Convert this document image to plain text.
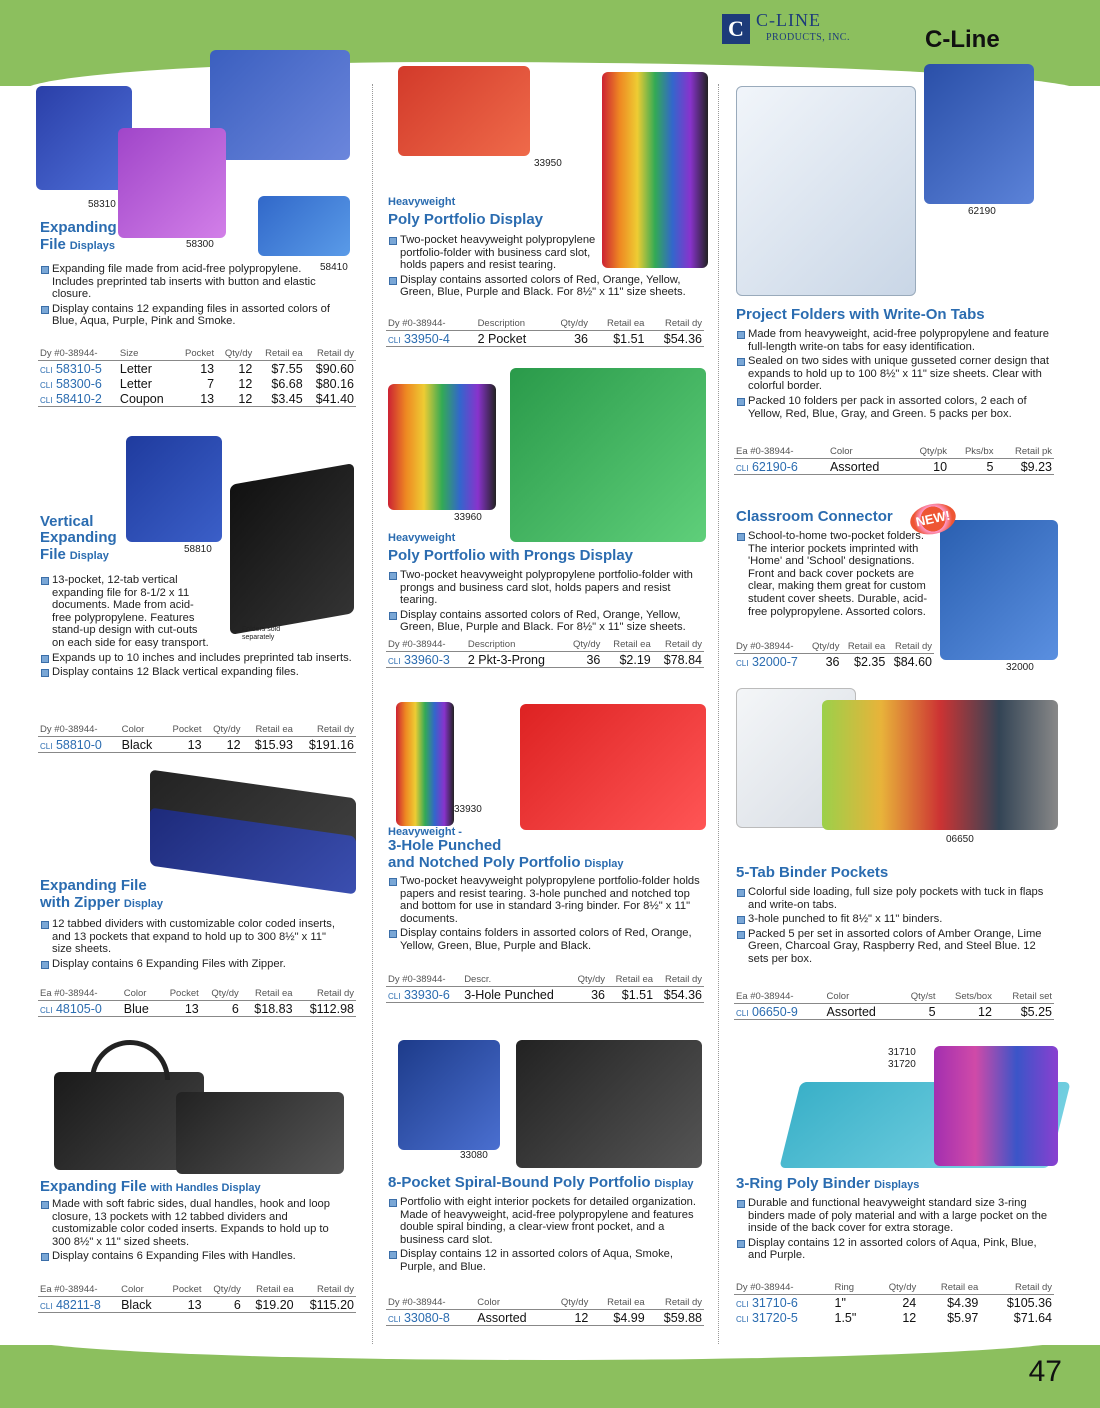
C C-LINE
PRODUCTS, INC.	C-Line
58310
58300
58410
Expanding
File Displays
Expanding file made from acid-free polypropylene. Includes preprinted tab inserts with button and elastic closure.
Display contains 12 expanding files in assorted colors of Blue, Aqua, Purple, Pink and Smoke.
Dy #0-38944-	Size	Pocket	Qty/dy	Retail ea	Retail dy
CLI 58310-5	Letter	13	12	$7.55	$90.60
CLI 58300-6	Letter	7	12	$6.68	$80.16
CLI 58410-2	Coupon	13	12	$3.45	$41.40
58810
Folders sold separately
Vertical
Expanding
File Display
13-pocket, 12-tab vertical expanding file for 8-1/2 x 11 documents. Made from acid-free polypropylene. Features stand-up design with cut-outs on each side for easy transport.
Expands up to 10 inches and includes preprinted tab inserts.
Display contains 12 Black vertical expanding files.
Dy #0-38944-	Color	Pocket	Qty/dy	Retail ea	Retail dy
CLI 58810-0	Black	13	12	$15.93	$191.16
Expanding File
with Zipper Display
12 tabbed dividers with customizable color coded inserts, and 13 pockets that expand to hold up to 300 8½" x 11" size sheets.
Display contains 6 Expanding Files with Zipper.
Ea #0-38944-	Color	Pocket	Qty/dy	Retail ea	Retail dy
CLI 48105-0	Blue	13	6	$18.83	$112.98
Expanding File with Handles Display
Made with soft fabric sides, dual handles, hook and loop closure, 13 pockets with 12 tabbed dividers and customizable color coded inserts. Expands to hold up to 300 8½" x 11" sized sheets.
Display contains 6 Expanding Files with Handles.
Ea #0-38944-	Color	Pocket	Qty/dy	Retail ea	Retail dy
CLI 48211-8	Black	13	6	$19.20	$115.20
33950
Heavyweight
Poly Portfolio Display
Two-pocket heavyweight polypropylene portfolio-folder with business card slot, holds papers and resist tearing.
Display contains assorted colors of Red, Orange, Yellow, Green, Blue, Purple and Black. For 8½" x 11" size sheets.
Dy #0-38944-	Description	Qty/dy	Retail ea	Retail dy
CLI 33950-4	2 Pocket	36	$1.51	$54.36
33960
Heavyweight
Poly Portfolio with Prongs Display
Two-pocket heavyweight polypropylene portfolio-folder with prongs and business card slot, holds papers and resist tearing.
Display contains assorted colors of Red, Orange, Yellow, Green, Blue, Purple and Black. For 8½" x 11" size sheets.
Dy #0-38944-	Description	Qty/dy	Retail ea	Retail dy
CLI 33960-3	2 Pkt-3-Prong	36	$2.19	$78.84
33930
Heavyweight -
3-Hole Punched
and Notched Poly Portfolio Display
Two-pocket heavyweight polypropylene portfolio-folder holds papers and resist tearing. 3-hole punched and notched top and bottom for use in standard 3-ring binder. For 8½" x 11" documents.
Display contains folders in assorted colors of Red, Orange, Yellow, Green, Blue, Purple and Black.
Dy #0-38944-	Descr.	Qty/dy	Retail ea	Retail dy
CLI 33930-6	3-Hole Punched	36	$1.51	$54.36
33080
8-Pocket Spiral-Bound Poly Portfolio Display
Portfolio with eight interior pockets for detailed organization. Made of heavyweight, acid-free polypropylene and features double spiral binding, a clear-view front pocket, and a business card slot.
Display contains 12 in assorted colors of Aqua, Smoke, Purple, and Blue.
Dy #0-38944-	Color	Qty/dy	Retail ea	Retail dy
CLI 33080-8	Assorted	12	$4.99	$59.88
62190
Project Folders with Write-On Tabs
Made from heavyweight, acid-free polypropylene and feature full-length write-on tabs for easy identification.
Sealed on two sides with unique gusseted corner design that expands to hold up to 100 8½" x 11" size sheets. Clear with colorful border.
Packed 10 folders per pack in assorted colors, 2 each of Yellow, Red, Blue, Gray, and Green. 5 packs per box.
Ea #0-38944-	Color	Qty/pk	Pks/bx	Retail pk
CLI 62190-6	Assorted	10	5	$9.23
NEW!
32000
Classroom Connector
School-to-home two-pocket folders. The interior pockets imprinted with 'Home' and 'School' designations. Front and back cover pockets are clear, making them great for custom student cover sheets. Durable, acid-free polypropylene. Assorted colors.
Dy #0-38944-	Qty/dy	Retail ea	Retail dy
CLI 32000-7	36	$2.35	$84.60
06650
5-Tab Binder Pockets
Colorful side loading, full size poly pockets with tuck in flaps and write-on tabs.
3-hole punched to fit 8½" x 11" binders.
Packed 5 per set in assorted colors of Amber Orange, Lime Green, Charcoal Gray, Raspberry Red, and Steel Blue. 12 sets per box.
Ea #0-38944-	Color	Qty/st	Sets/box	Retail set
CLI 06650-9	Assorted	5	12	$5.25
31710
31720
3-Ring Poly Binder Displays
Durable and functional heavyweight standard size 3-ring binders made of poly material and with a large pocket on the inside of the back cover for extra storage.
Display contains 12 in assorted colors of Aqua, Pink, Blue, and Purple.
Dy #0-38944-	Ring	Qty/dy	Retail ea	Retail dy
CLI 31710-6	1"	24	$4.39	$105.36
CLI 31720-5	1.5"	12	$5.97	$71.64
47
